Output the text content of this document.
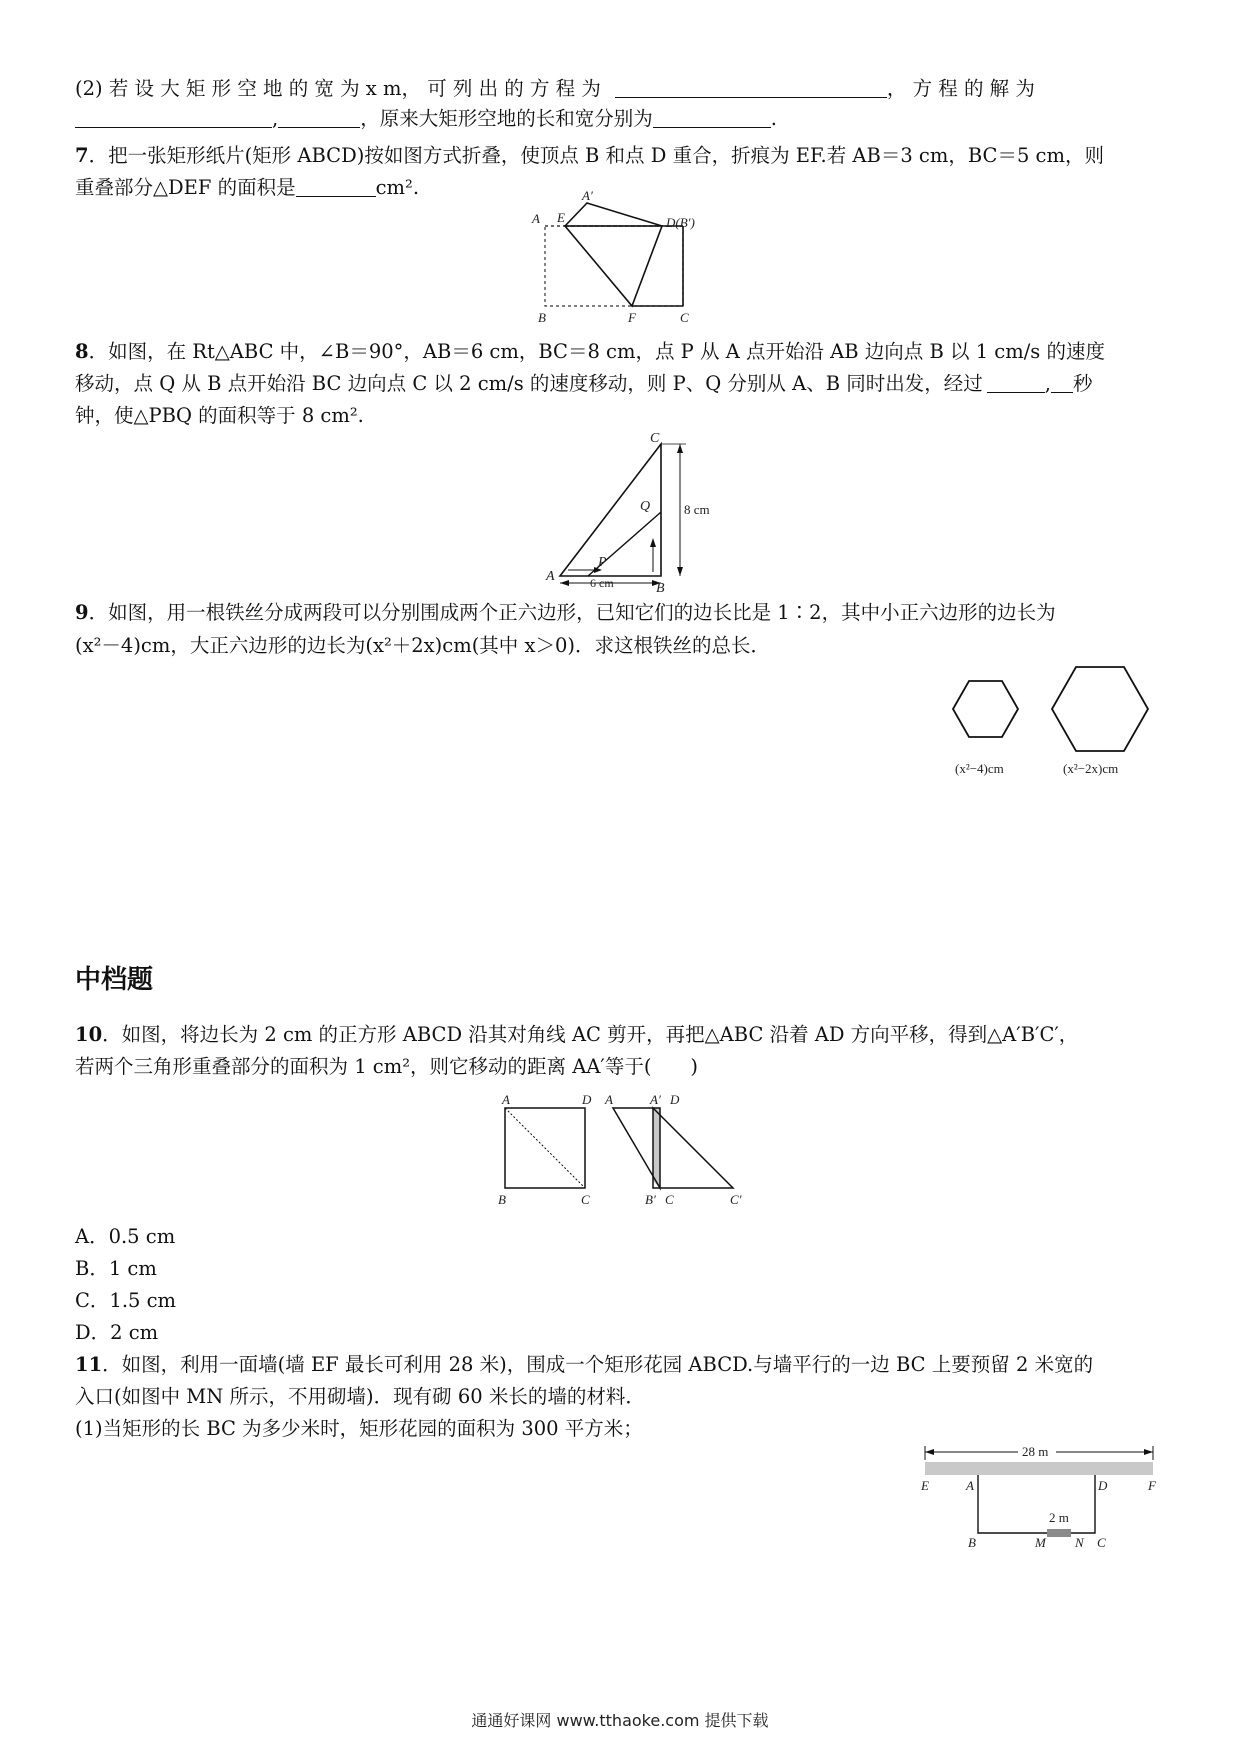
(2) 若 设 大 矩 形 空 地 的 宽 为 x m， 可 列 出 的 方 程 为	， 方 程 的 解 为
,	，原来大矩形空地的长和宽分别为	.
7．把一张矩形纸片(矩形 ABCD)按如图方式折叠，使顶点 B 和点 D 重合，折痕为 EF.若 AB＝3 cm，BC＝5 cm，则
重叠部分△DEF 的面积是	cm².
A E
A′
D(B′)
B	F	C
8．如图，在 Rt△ABC 中，∠B＝90°，AB＝6 cm，BC＝8 cm，点 P 从 A 点开始沿 AB 边向点 B 以 1 cm/s 的速度
移动，点 Q 从 B 点开始沿 BC 边向点 C 以 2 cm/s 的速度移动，则 P、Q 分别从 A、B 同时出发，经过	, 秒
钟，使△PBQ 的面积等于 8 cm².
C
Q
A
P
B
8 cm
6 cm
9．如图，用一根铁丝分成两段可以分别围成两个正六边形，已知它们的边长比是 1∶2，其中小正六边形的边长为
(x²－4)cm，大正六边形的边长为(x²＋2x)cm(其中 x＞0)．求这根铁丝的总长．
(x²−4)cm	(x²−2x)cm
中档题
10．如图，将边长为 2 cm 的正方形 ABCD 沿其对角线 AC 剪开，再把△ABC 沿着 AD 方向平移，得到△A′B′C′，
若两个三角形重叠部分的面积为 1 cm²，则它移动的距离 AA′等于(　　)
A	D
B	C
A	A′ D
B′ C	C′
A．0.5 cm
B．1 cm
C．1.5 cm
D．2 cm
11．如图，利用一面墙(墙 EF 最长可利用 28 米)，围成一个矩形花园 ABCD.与墙平行的一边 BC 上要预留 2 米宽的
入口(如图中 MN 所示，不用砌墙)．现有砌 60 米长的墙的材料．
(1)当矩形的长 BC 为多少米时，矩形花园的面积为 300 平方米；
28 m
2 m
E	A	D	F
B	M N C
通通好课网 www.tthaoke.com 提供下载
